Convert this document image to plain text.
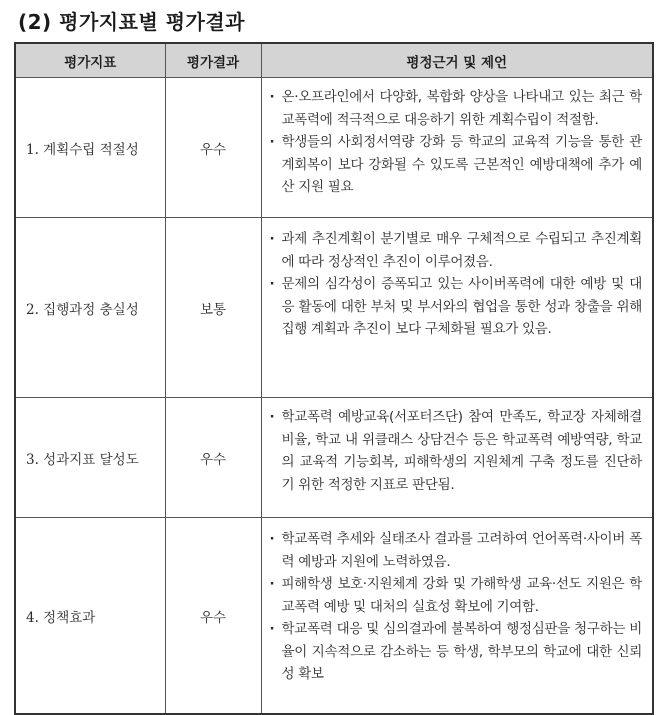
(2) 평가지표별 평가결과
평가지표	평가결과	평정근거 및 제언
1. 계획수립 적절성	우수	
· 온·오프라인에서 다양화, 복합화 양상을 나타내고 있는 최근 학교폭력에 적극적으로 대응하기 위한 계획수립이 적절함.
· 학생들의 사회정서역량 강화 등 학교의 교육적 기능을 통한 관계회복이 보다 강화될 수 있도록 근본적인 예방대책에 추가 예산 지원 필요

2. 집행과정 충실성	보통	
· 과제 추진계획이 분기별로 매우 구체적으로 수립되고 추진계획에 따라 정상적인 추진이 이루어졌음.
· 문제의 심각성이 증폭되고 있는 사이버폭력에 대한 예방 및 대응 활동에 대한 부처 및 부서와의 협업을 통한 성과 창출을 위해 집행 계획과 추진이 보다 구체화될 필요가 있음.

3. 성과지표 달성도	우수	
· 학교폭력 예방교육(서포터즈단) 참여 만족도, 학교장 자체해결 비율, 학교 내 위클래스 상담건수 등은 학교폭력 예방역량, 학교의 교육적 기능회복, 피해학생의 지원체계 구축 정도를 진단하기 위한 적정한 지표로 판단됨.

4. 정책효과	우수	
· 학교폭력 추세와 실태조사 결과를 고려하여 언어폭력·사이버 폭력 예방과 지원에 노력하였음.
· 피해학생 보호·지원체계 강화 및 가해학생 교육·선도 지원은 학교폭력 예방 및 대처의 실효성 확보에 기여함.
· 학교폭력 대응 및 심의결과에 불복하여 행정심판을 청구하는 비율이 지속적으로 감소하는 등 학생, 학부모의 학교에 대한 신뢰성 확보
